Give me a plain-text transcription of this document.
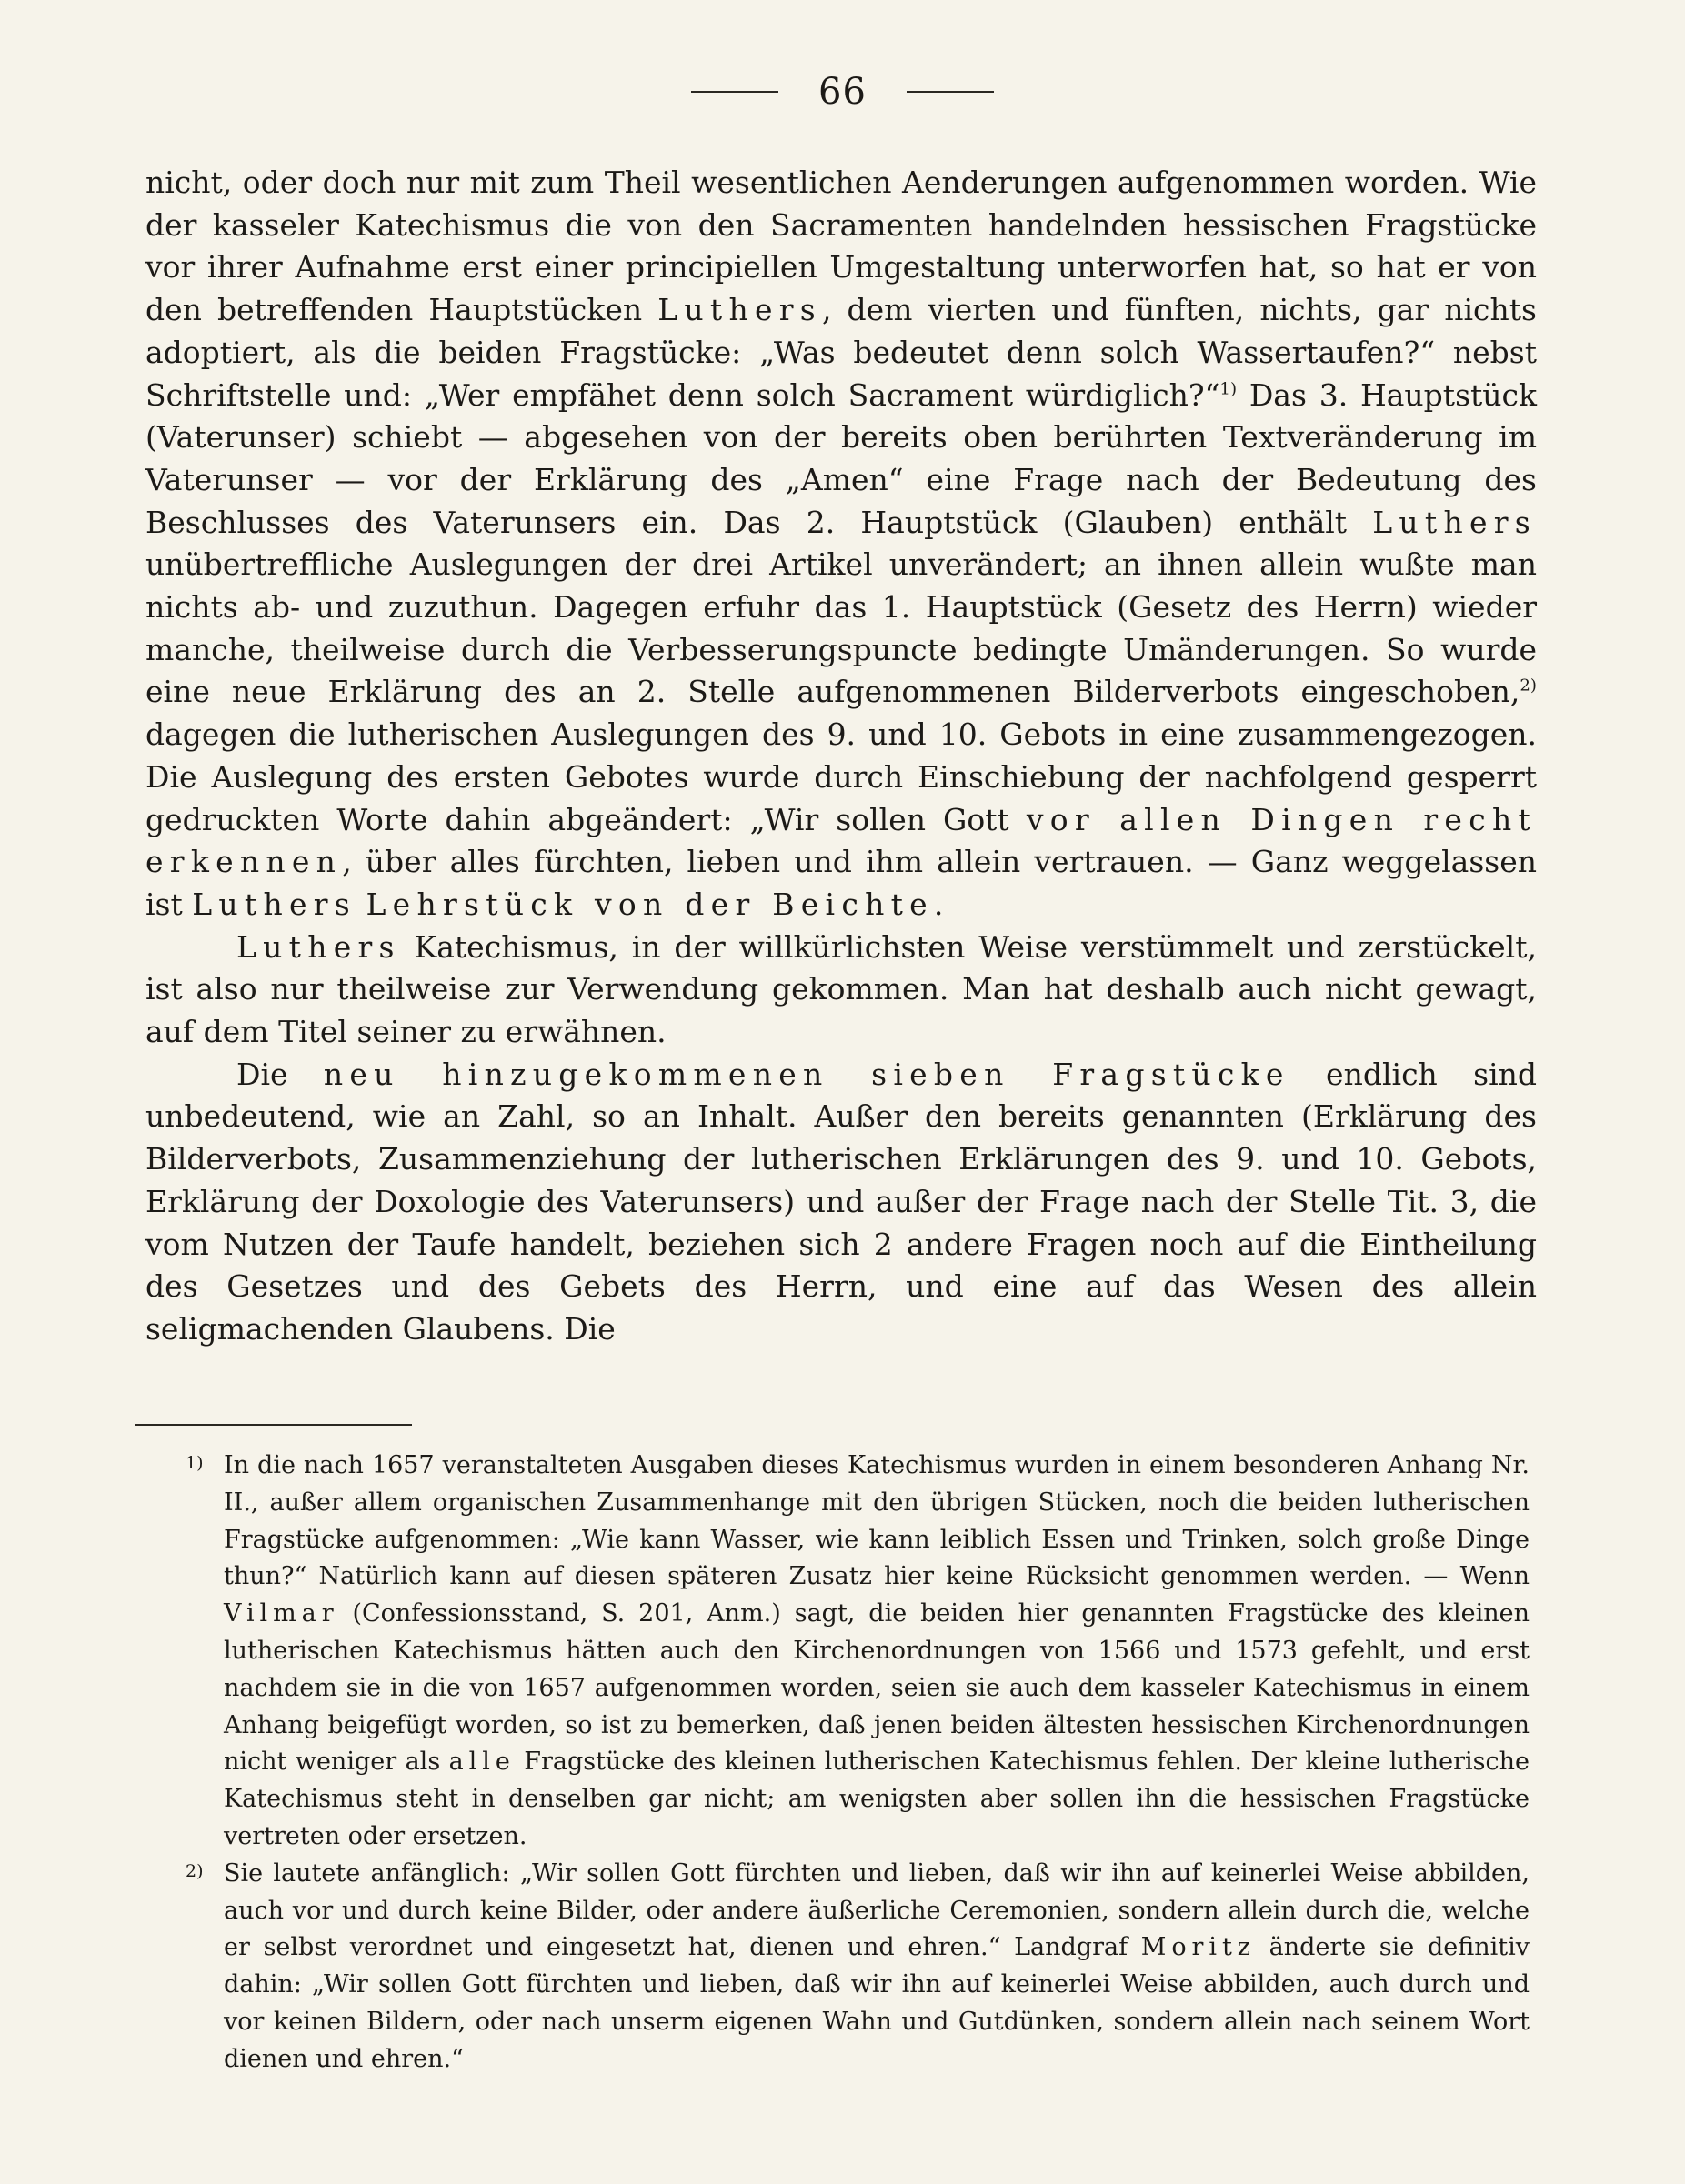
66

nicht, oder doch nur mit zum Theil wesentlichen Aenderungen aufgenommen worden. Wie der kasseler Katechismus die von den Sacramenten handelnden hessischen Fragstücke vor ihrer Aufnahme erst einer principiellen Umgestaltung unterworfen hat, so hat er von den betreffenden Hauptstücken Luthers, dem vierten und fünften, nichts, gar nichts adoptiert, als die beiden Fragstücke: „Was bedeutet denn solch Wassertaufen?“ nebst Schriftstelle und: „Wer empfähet denn solch Sacrament würdiglich?“$^{1)}$ Das 3. Hauptstück (Vaterunser) schiebt — abgesehen von der bereits oben berührten Textveränderung im Vaterunser — vor der Erklärung des „Amen“ eine Frage nach der Bedeutung des Beschlusses des Vaterunsers ein. Das 2. Hauptstück (Glauben) enthält Luthers unübertreffliche Auslegungen der drei Artikel unverändert; an ihnen allein wußte man nichts ab- und zuzuthun. Dagegen erfuhr das 1. Hauptstück (Gesetz des Herrn) wieder manche, theilweise durch die Verbesserungspuncte bedingte Umänderungen. So wurde eine neue Erklärung des an 2. Stelle aufgenommenen Bilderverbots eingeschoben,$^{2)}$ dagegen die lutherischen Auslegungen des 9. und 10. Gebots in eine zusammengezogen. Die Auslegung des ersten Gebotes wurde durch Einschiebung der nachfolgend gesperrt gedruckten Worte dahin abgeändert: „Wir sollen Gott vor allen Dingen recht erkennen, über alles fürchten, lieben und ihm allein vertrauen. — Ganz weggelassen ist Luthers Lehrstück von der Beichte.

Luthers Katechismus, in der willkürlichsten Weise verstümmelt und zerstückelt, ist also nur theilweise zur Verwendung gekommen. Man hat deshalb auch nicht gewagt, auf dem Titel seiner zu erwähnen.

Die neu hinzugekommenen sieben Fragstücke endlich sind unbedeutend, wie an Zahl, so an Inhalt. Außer den bereits genannten (Erklärung des Bilderverbots, Zusammenziehung der lutherischen Erklärungen des 9. und 10. Gebots, Erklärung der Doxologie des Vaterunsers) und außer der Frage nach der Stelle Tit. 3, die vom Nutzen der Taufe handelt, beziehen sich 2 andere Fragen noch auf die Eintheilung des Gesetzes und des Gebets des Herrn, und eine auf das Wesen des allein seligmachenden Glaubens. Die

1) In die nach 1657 veranstalteten Ausgaben dieses Katechismus wurden in einem besonderen Anhang Nr. II., außer allem organischen Zusammenhange mit den übrigen Stücken, noch die beiden lutherischen Fragstücke aufgenommen: „Wie kann Wasser, wie kann leiblich Essen und Trinken, solch große Dinge thun?“ Natürlich kann auf diesen späteren Zusatz hier keine Rücksicht genommen werden. — Wenn Vilmar (Confessionsstand, S. 201, Anm.) sagt, die beiden hier genannten Fragstücke des kleinen lutherischen Katechismus hätten auch den Kirchenordnungen von 1566 und 1573 gefehlt, und erst nachdem sie in die von 1657 aufgenommen worden, seien sie auch dem kasseler Katechismus in einem Anhang beigefügt worden, so ist zu bemerken, daß jenen beiden ältesten hessischen Kirchenordnungen nicht weniger als alle Fragstücke des kleinen lutherischen Katechismus fehlen. Der kleine lutherische Katechismus steht in denselben gar nicht; am wenigsten aber sollen ihn die hessischen Fragstücke vertreten oder ersetzen.

2) Sie lautete anfänglich: „Wir sollen Gott fürchten und lieben, daß wir ihn auf keinerlei Weise abbilden, auch vor und durch keine Bilder, oder andere äußerliche Ceremonien, sondern allein durch die, welche er selbst verordnet und eingesetzt hat, dienen und ehren.“ Landgraf Moritz änderte sie definitiv dahin: „Wir sollen Gott fürchten und lieben, daß wir ihn auf keinerlei Weise abbilden, auch durch und vor keinen Bildern, oder nach unserm eigenen Wahn und Gutdünken, sondern allein nach seinem Wort dienen und ehren.“
